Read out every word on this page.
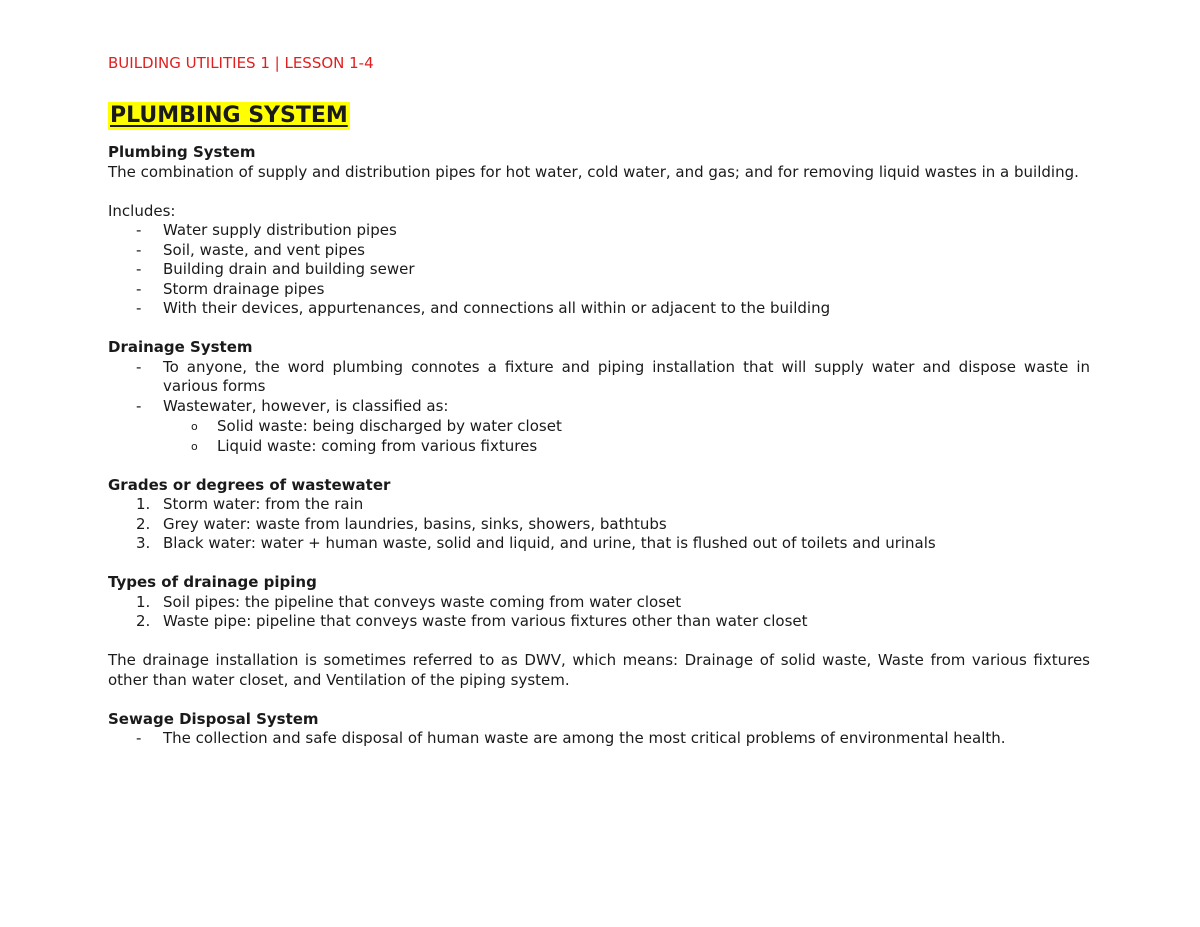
BUILDING UTILITIES 1 | LESSON 1-4

PLUMBING SYSTEM

Plumbing System

The combination of supply and distribution pipes for hot water, cold water, and gas; and for removing liquid wastes in a building.

Includes:

- Water supply distribution pipes
- Soil, waste, and vent pipes
- Building drain and building sewer
- Storm drainage pipes
- With their devices, appurtenances, and connections all within or adjacent to the building

Drainage System

- To anyone, the word plumbing connotes a fixture and piping installation that will supply water and dispose waste in various forms
- Wastewater, however, is classified as:
o Solid waste: being discharged by water closet
o Liquid waste: coming from various fixtures

Grades or degrees of wastewater

1. Storm water: from the rain
2. Grey water: waste from laundries, basins, sinks, showers, bathtubs
3. Black water: water + human waste, solid and liquid, and urine, that is flushed out of toilets and urinals

Types of drainage piping

1. Soil pipes: the pipeline that conveys waste coming from water closet
2. Waste pipe: pipeline that conveys waste from various fixtures other than water closet

The drainage installation is sometimes referred to as DWV, which means: Drainage of solid waste, Waste from various fixtures other than water closet, and Ventilation of the piping system.

Sewage Disposal System

- The collection and safe disposal of human waste are among the most critical problems of environmental health.
